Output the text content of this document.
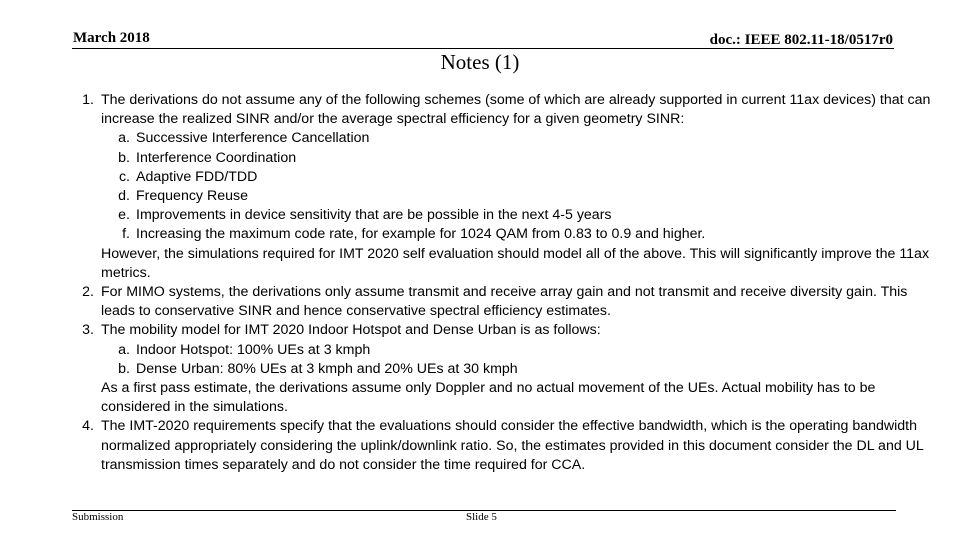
March 2018	doc.: IEEE 802.11-18/0517r0
Notes (1)
1. The derivations do not assume any of the following schemes (some of which are already supported in current 11ax devices) that can increase the realized SINR and/or the average spectral efficiency for a given geometry SINR:
a. Successive Interference Cancellation
b. Interference Coordination
c. Adaptive FDD/TDD
d. Frequency Reuse
e. Improvements in device sensitivity that are be possible in the next 4-5 years
f. Increasing the maximum code rate, for example for 1024 QAM from 0.83 to 0.9 and higher.
However, the simulations required for IMT 2020 self evaluation should model all of the above. This will significantly improve the 11ax metrics.
2. For MIMO systems, the derivations only assume transmit and receive array gain and not transmit and receive diversity gain. This leads to conservative SINR and hence conservative spectral efficiency estimates.
3. The mobility model for IMT 2020 Indoor Hotspot and Dense Urban is as follows:
a. Indoor Hotspot: 100% UEs at 3 kmph
b. Dense Urban: 80% UEs at 3 kmph and 20% UEs at 30 kmph
As a first pass estimate, the derivations assume only Doppler and no actual movement of the UEs. Actual mobility has to be considered in the simulations.
4. The IMT-2020 requirements specify that the evaluations should consider the effective bandwidth, which is the operating bandwidth normalized appropriately considering the uplink/downlink ratio. So, the estimates provided in this document consider the DL and UL transmission times separately and do not consider the time required for CCA.
Submission	Slide 5
